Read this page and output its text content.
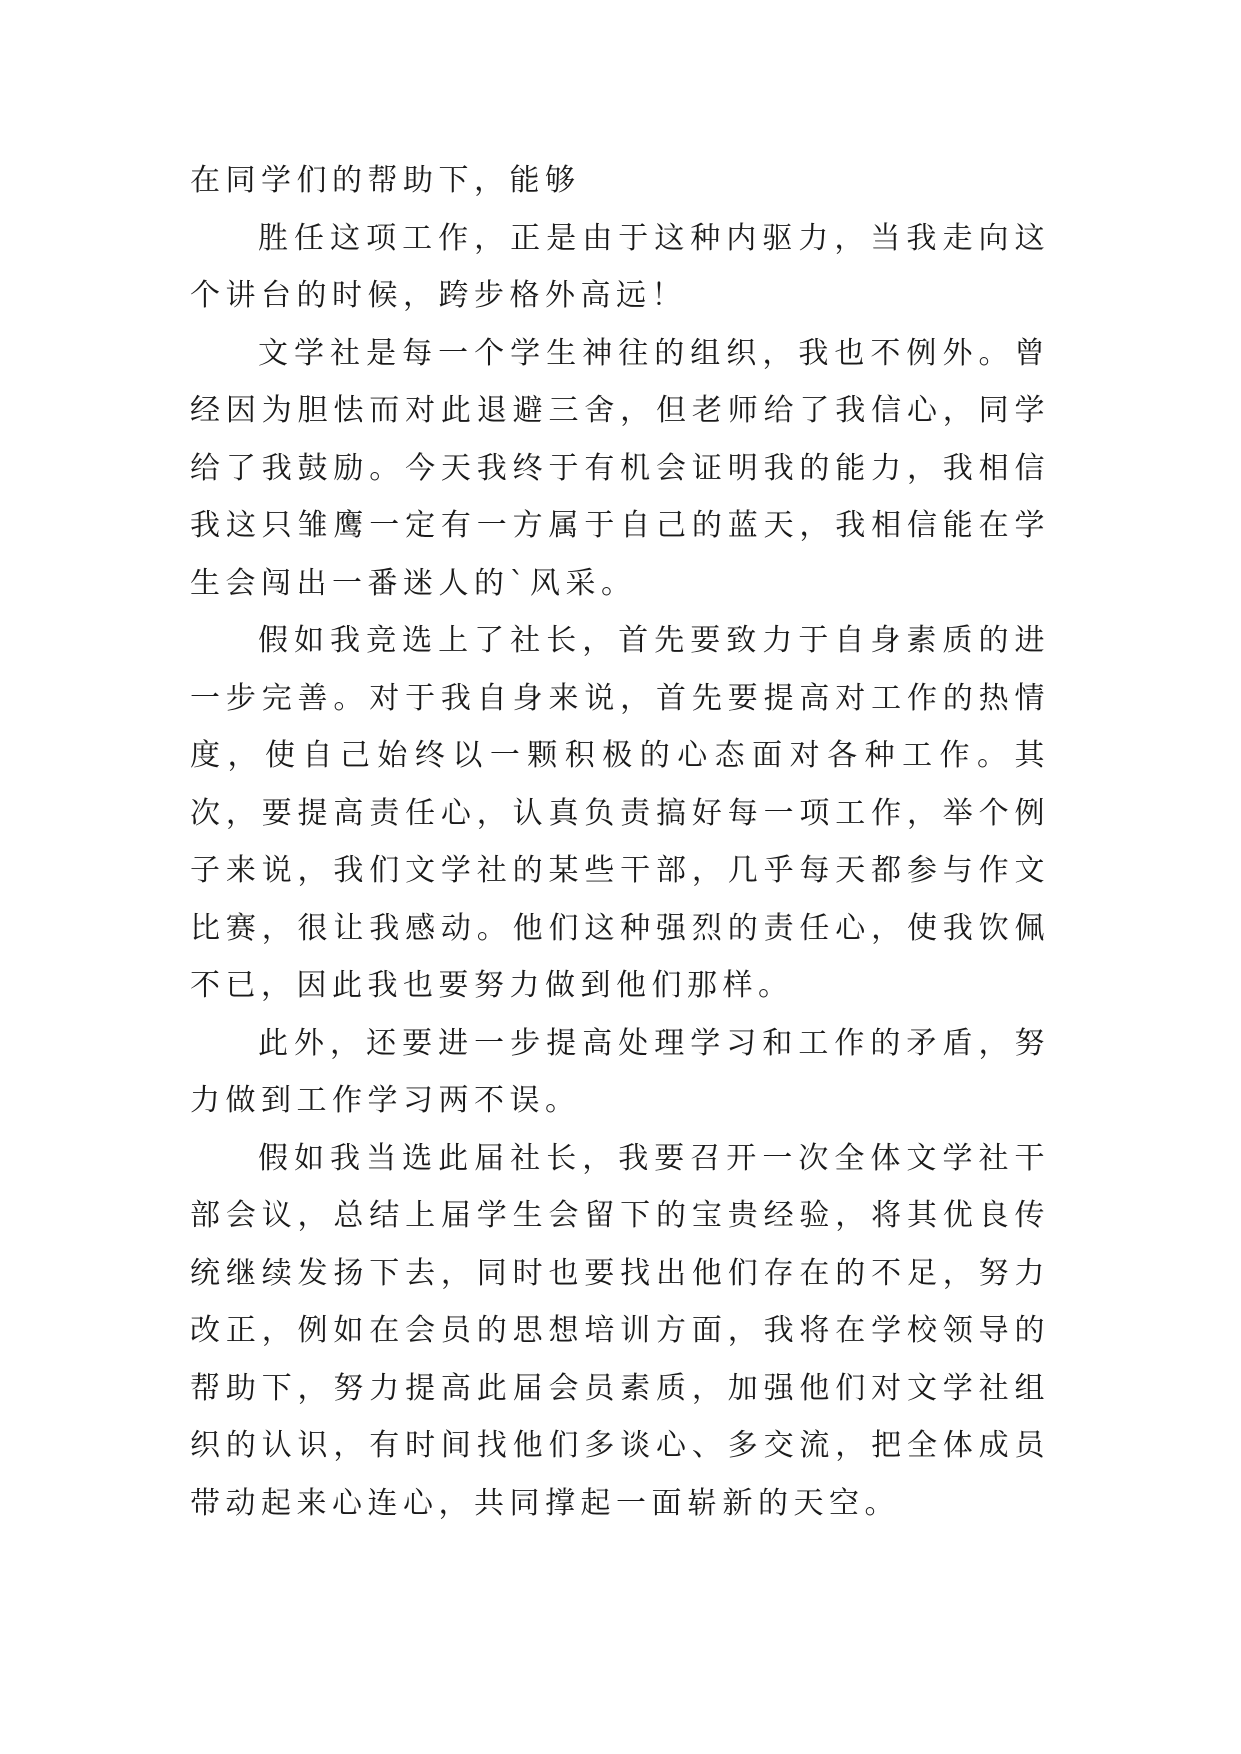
在同学们的帮助下，能够

胜任这项工作，正是由于这种内驱力，当我走向这个讲台的时候，跨步格外高远！

文学社是每一个学生神往的组织，我也不例外。曾经因为胆怯而对此退避三舍，但老师给了我信心，同学给了我鼓励。今天我终于有机会证明我的能力，我相信我这只雏鹰一定有一方属于自己的蓝天，我相信能在学生会闯出一番迷人的`风采。

假如我竞选上了社长，首先要致力于自身素质的进一步完善。对于我自身来说，首先要提高对工作的热情度，使自己始终以一颗积极的心态面对各种工作。其次，要提高责任心，认真负责搞好每一项工作，举个例子来说，我们文学社的某些干部，几乎每天都参与作文比赛，很让我感动。他们这种强烈的责任心，使我饮佩不已，因此我也要努力做到他们那样。

此外，还要进一步提高处理学习和工作的矛盾，努力做到工作学习两不误。

假如我当选此届社长，我要召开一次全体文学社干部会议，总结上届学生会留下的宝贵经验，将其优良传统继续发扬下去，同时也要找出他们存在的不足，努力改正，例如在会员的思想培训方面，我将在学校领导的帮助下，努力提高此届会员素质，加强他们对文学社组织的认识，有时间找他们多谈心、多交流，把全体成员带动起来心连心，共同撑起一面崭新的天空。
